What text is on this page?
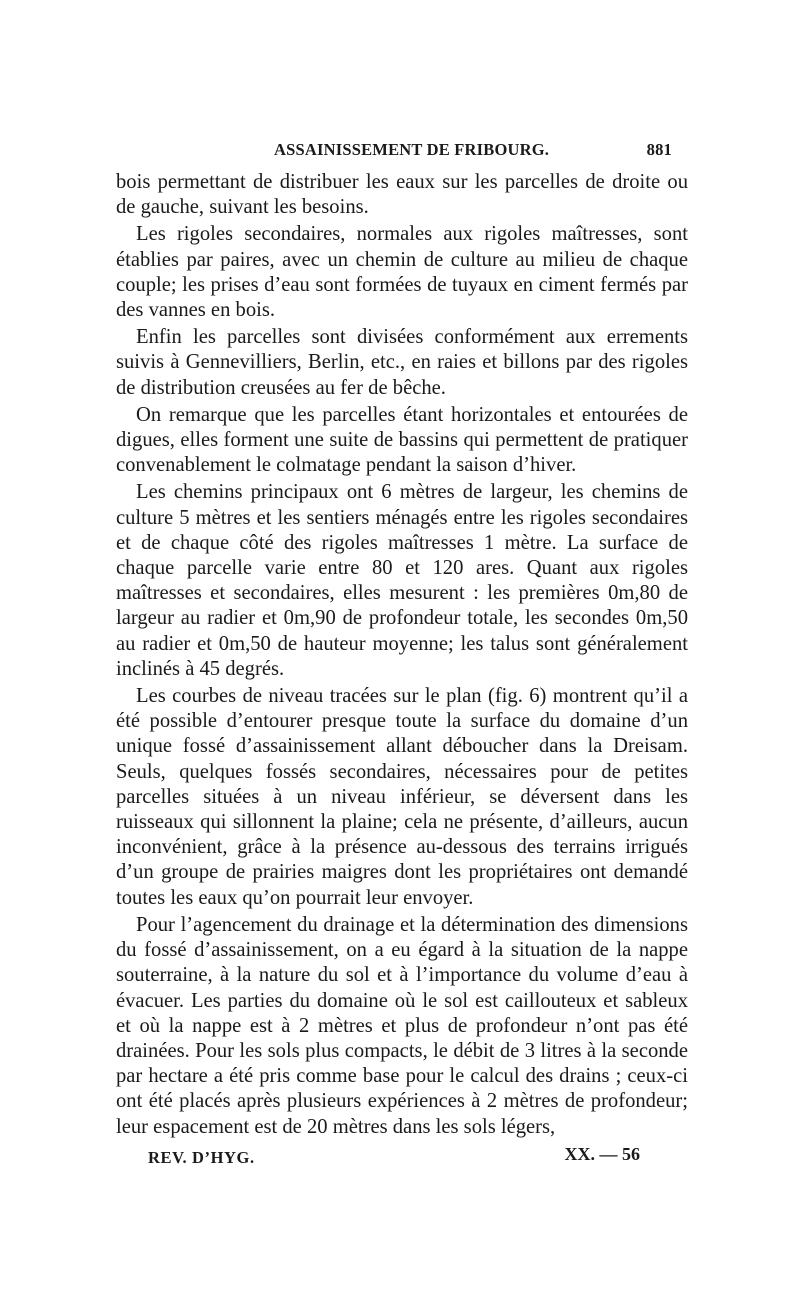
ASSAINISSEMENT DE FRIBOURG.	881

bois permettant de distribuer les eaux sur les parcelles de droite ou de gauche, suivant les besoins.

Les rigoles secondaires, normales aux rigoles maîtresses, sont établies par paires, avec un chemin de culture au milieu de chaque couple; les prises d’eau sont formées de tuyaux en ciment fermés par des vannes en bois.

Enfin les parcelles sont divisées conformément aux errements suivis à Gennevilliers, Berlin, etc., en raies et billons par des rigoles de distribution creusées au fer de bêche.

On remarque que les parcelles étant horizontales et entourées de digues, elles forment une suite de bassins qui permettent de pratiquer convenablement le colmatage pendant la saison d’hiver.

Les chemins principaux ont 6 mètres de largeur, les chemins de culture 5 mètres et les sentiers ménagés entre les rigoles secondaires et de chaque côté des rigoles maîtresses 1 mètre. La surface de chaque parcelle varie entre 80 et 120 ares. Quant aux rigoles maîtresses et secondaires, elles mesurent : les premières 0m,80 de largeur au radier et 0m,90 de profondeur totale, les secondes 0m,50 au radier et 0m,50 de hauteur moyenne; les talus sont généralement inclinés à 45 degrés.

Les courbes de niveau tracées sur le plan (fig. 6) montrent qu’il a été possible d’entourer presque toute la surface du domaine d’un unique fossé d’assainissement allant déboucher dans la Dreisam. Seuls, quelques fossés secondaires, nécessaires pour de petites parcelles situées à un niveau inférieur, se déversent dans les ruisseaux qui sillonnent la plaine; cela ne présente, d’ailleurs, aucun inconvénient, grâce à la présence au-dessous des terrains irrigués d’un groupe de prairies maigres dont les propriétaires ont demandé toutes les eaux qu’on pourrait leur envoyer.

Pour l’agencement du drainage et la détermination des dimensions du fossé d’assainissement, on a eu égard à la situation de la nappe souterraine, à la nature du sol et à l’importance du volume d’eau à évacuer. Les parties du domaine où le sol est caillouteux et sableux et où la nappe est à 2 mètres et plus de profondeur n’ont pas été drainées. Pour les sols plus compacts, le débit de 3 litres à la seconde par hectare a été pris comme base pour le calcul des drains ; ceux-ci ont été placés après plusieurs expériences à 2 mètres de profondeur; leur espacement est de 20 mètres dans les sols légers,

REV. D’HYG.	XX. — 56
